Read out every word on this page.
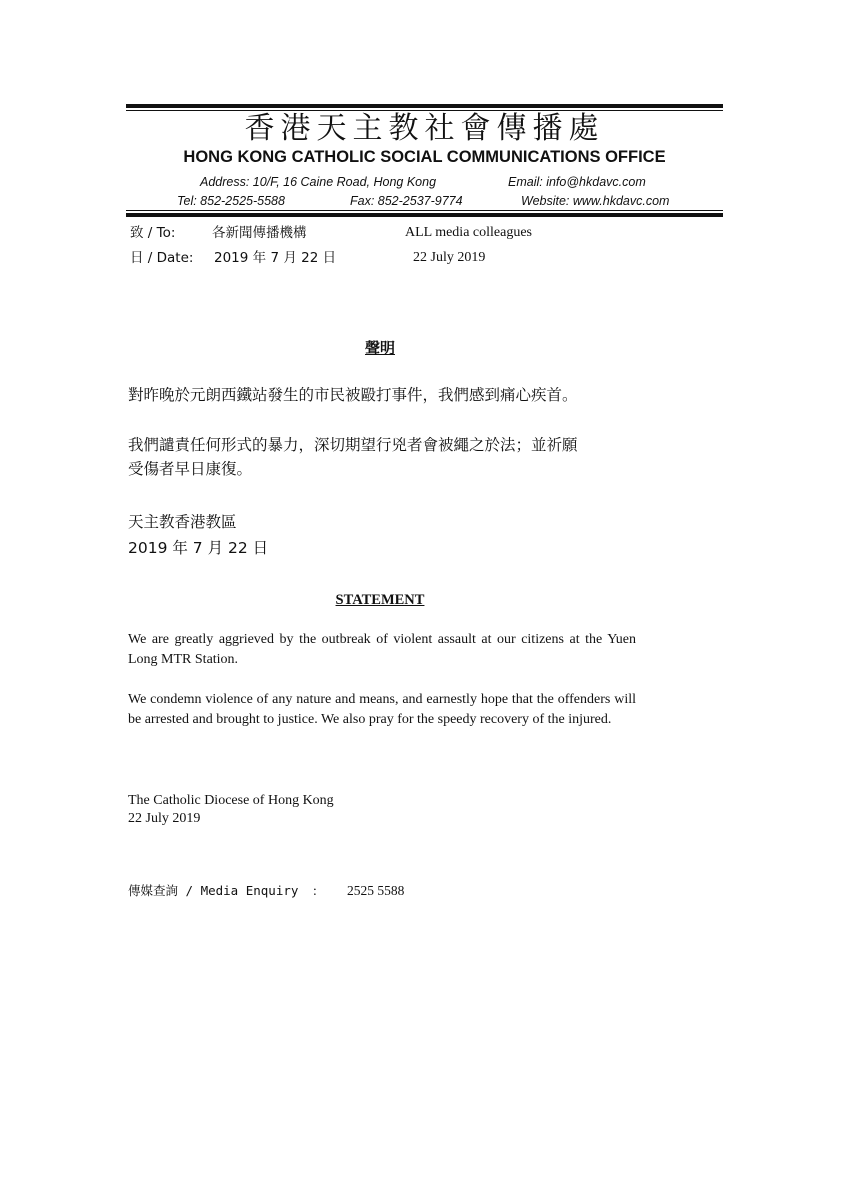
香港天主教社會傳播處
HONG KONG CATHOLIC SOCIAL COMMUNICATIONS OFFICE
Address: 10/F, 16 Caine Road, Hong Kong	Email: info@hkdavc.com
Tel: 852-2525-5588	Fax: 852-2537-9774	Website: www.hkdavc.com
致 / To:	各新聞傳播機構	ALL media colleagues
日 / Date: 2019 年 7 月 22 日	22 July 2019
聲明
對昨晚於元朗西鐵站發生的市民被毆打事件，我們感到痛心疾首。
我們譴責任何形式的暴力，深切期望行兇者會被繩之於法；並祈願
受傷者早日康復。
天主教香港教區
2019 年 7 月 22 日
STATEMENT
We are greatly aggrieved by the outbreak of violent assault at our citizens at the Yuen Long MTR Station.
We condemn violence of any nature and means, and earnestly hope that the offenders will be arrested and brought to justice. We also pray for the speedy recovery of the injured.
The Catholic Diocese of Hong Kong
22 July 2019
傳媒查詢 / Media Enquiry : 2525 5588
